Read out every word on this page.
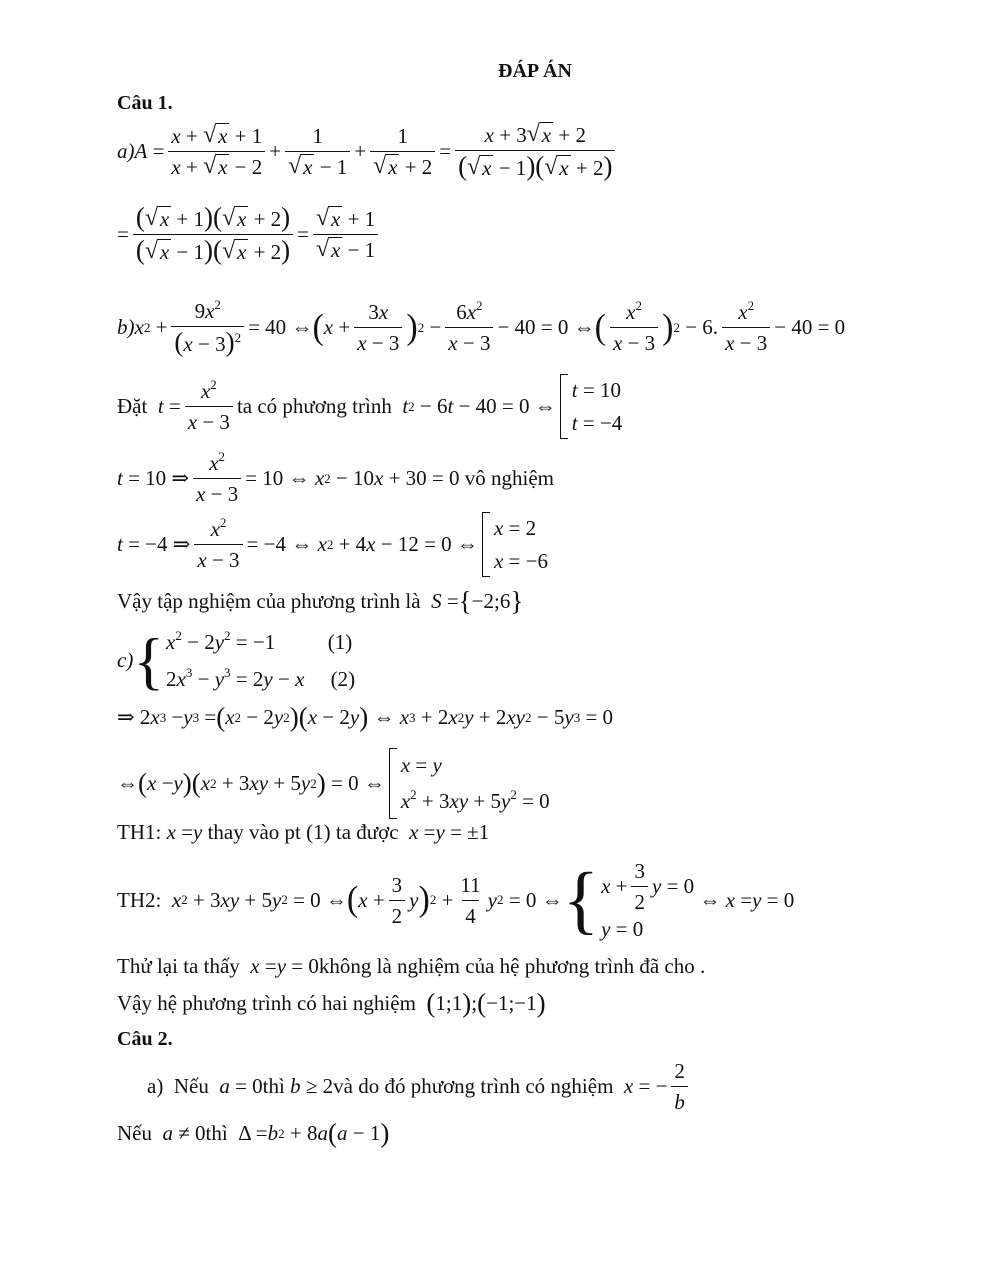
ĐÁP ÁN
Câu 1.
a) $A = \frac{x + √ x + 1}{x + √ x - 2} + 1$
√ x − 1 + 1
√ $x + 2 = \frac{x + 3 √ x + 2}{( √ x - 1)( √ x + 2)}$
= $\frac{( √ x + 1)( √ x + 2)}{( √ x - 1)( √ x + 2)}$ = √ x + 1
√ x − 1
b) x $2 + \frac{9x^2}{(x - 3)^2} = 40$ ⇔ ( $x + \frac{3x}{x - 3}$ ) $2 - \frac{6x^2}{x - 3} - 40 = 0$ ⇔ ( $\frac{x^2}{x - 3}$ ) 2 − 6. $\frac{x^2}{x - 3} - 40 = 0$
Đặt
$t = \frac{x^2}{x - 3}$ ta có phương trình
t 2 − 6 t − 40 = 0 ⇔
t = 10
t = −4
t = 10 ⇒ $\frac{x^2}{x - 3} = 10$ ⇔ x 2 − 10 x + 30 = 0 vô nghiệm
t = −4 ⇒ $\frac{x^2}{x - 3} = -4$ ⇔ x 2 + 4 x − 12 = 0 ⇔
x = 2
x = −6
Vậy tập nghiệm của phương trình là
S = { −2;6 }
c) { $x^2 - 2y^2 = -1$          (1)
$2x^3 - y^3 = 2y - x$ (2)
⇒ 2 x 3 − y 3 = ( x 2 − 2 y 2 )( x − 2 y ) ⇔ x 3 + 2 x 2 y + 2 xy 2 − 5 y 3 = 0
⇔ ( x − y )( x 2 + 3 xy + 5 y 2 ) = 0 ⇔
x = y
$x^2 + 3xy + 5y^2 = 0$
TH1:
x = y
thay vào pt (1) ta được
x = y = ±1
TH2:
x 2 + 3 xy + 5 y 2 = 0 ⇔ ( $x + \frac{3}{2}$ y ) $2 + \frac{11}{4}$ y 2 = 0 ⇔ { $x + \frac{3}{2}$ y = 0
y = 0
⇔ x = y = 0
Thử lại ta thấy
x = y = 0 không là nghiệm của hệ phương trình đã cho .
Vậy hệ phương trình có hai nghiệm
( 1;1 ) ; ( −1;−1 )
Câu 2.
a)
Nếu
a = 0 thì
b ≥ 2 và do đó phương trình có nghiệm
x = − $\frac{2}{b}$
Nếu
a ≠ 0 thì Δ = b 2 + 8 a ( a − 1 )
